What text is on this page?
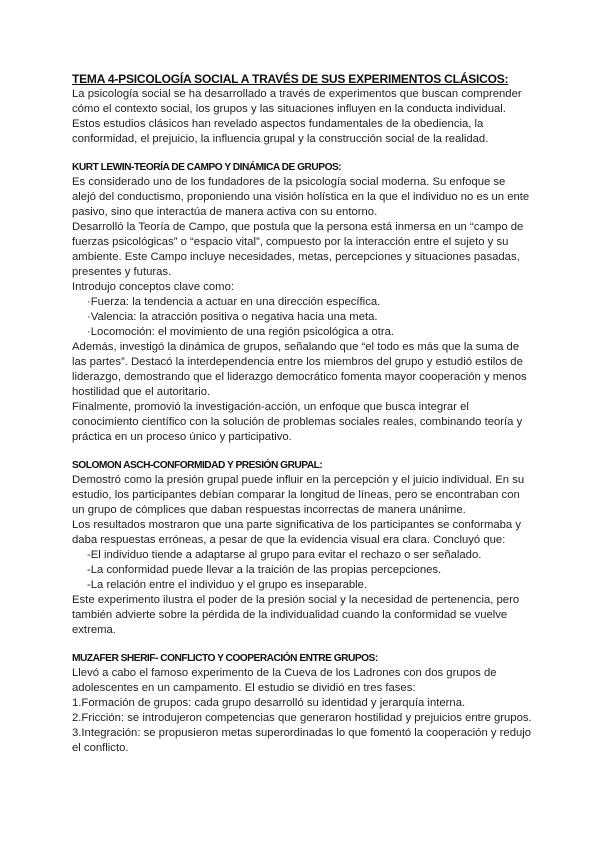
TEMA 4-PSICOLOGÍA SOCIAL A TRAVÉS DE SUS EXPERIMENTOS CLÁSICOS:

La psicología social se ha desarrollado a través de experimentos que buscan comprender cómo el contexto social, los grupos y las situaciones influyen en la conducta individual.

Estos estudios clásicos han revelado aspectos fundamentales de la obediencia, la conformidad, el prejuicio, la influencia grupal y la construcción social de la realidad.

KURT LEWIN-TEORÍA DE CAMPO Y DINÁMICA DE GRUPOS:

Es considerado uno de los fundadores de la psicología social moderna. Su enfoque se alejó del conductismo, proponiendo una visión holística en la que el individuo no es un ente pasivo, sino que interactúa de manera activa con su entorno.

Desarrolló la Teoría de Campo, que postula que la persona está inmersa en un “campo de fuerzas psicológicas” o “espacio vital”, compuesto por la interacción entre el sujeto y su ambiente. Este Campo incluye necesidades, metas, percepciones y situaciones pasadas, presentes y futuras.

Introdujo conceptos clave como:

·Fuerza: la tendencia a actuar en una dirección específica.
·Valencia: la atracción positiva o negativa hacia una meta.
·Locomoción: el movimiento de una región psicológica a otra.

Además, investigó la dinámica de grupos, señalando que “el todo es más que la suma de las partes”. Destacó la interdependencia entre los miembros del grupo y estudió estilos de liderazgo, demostrando que el liderazgo democrático fomenta mayor cooperación y menos hostilidad que el autoritario.

Finalmente, promovió la investigación-acción, un enfoque que busca integrar el conocimiento científico con la solución de problemas sociales reales, combinando teoría y práctica en un proceso único y participativo.

SOLOMON ASCH-CONFORMIDAD Y PRESIÓN GRUPAL:

Demostró como la presión grupal puede influir en la percepción y el juicio individual. En su estudio, los participantes debían comparar la longitud de líneas, pero se encontraban con un grupo de cómplices que daban respuestas incorrectas de manera unánime.

Los resultados mostraron que una parte significativa de los participantes se conformaba y daba respuestas erróneas, a pesar de que la evidencia visual era clara. Concluyó que:

-El individuo tiende a adaptarse al grupo para evitar el rechazo o ser señalado.
-La conformidad puede llevar a la traición de las propias percepciones.
-La relación entre el individuo y el grupo es inseparable.

Este experimento ilustra el poder de la presión social y la necesidad de pertenencia, pero también advierte sobre la pérdida de la individualidad cuando la conformidad se vuelve extrema.

MUZAFER SHERIF- CONFLICTO Y COOPERACIÓN ENTRE GRUPOS:

Llevó a cabo el famoso experimento de la Cueva de los Ladrones con dos grupos de adolescentes en un campamento. El estudio se dividió en tres fases:

1.Formación de grupos: cada grupo desarrolló su identidad y jerarquía interna.
2.Fricción: se introdujeron competencias que generaron hostilidad y prejuicios entre grupos.
3.Integración: se propusieron metas superordinadas lo que fomentó la cooperación y redujo el conflicto.
